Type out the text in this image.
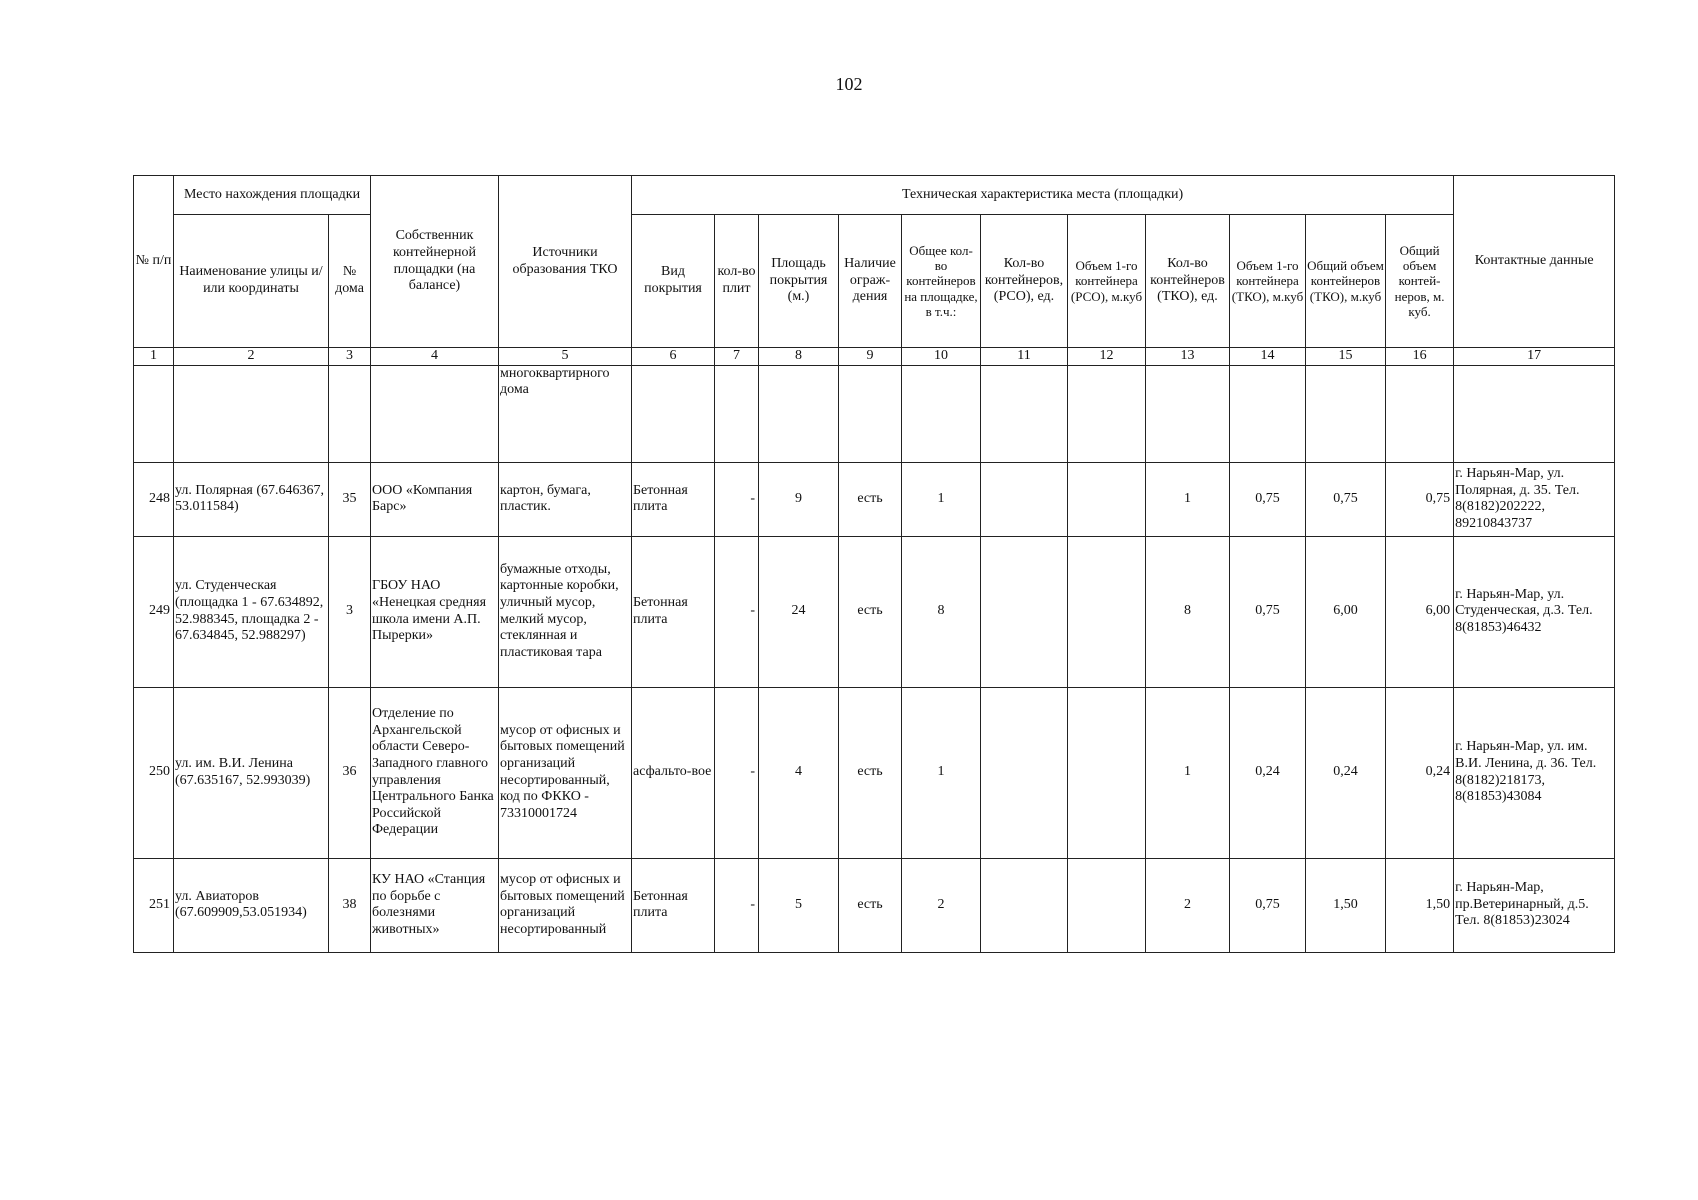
102
№ п/п	Место нахождения площадки		Собственник контейнерной площадки (на балансе)	Источники образования ТКО	Техническая характеристика места (площадки)											Контактные данные
	Наименование улицы и/или координаты	№ дома			Вид покрытия	кол-во плит	Площадь покрытия (м.)	Наличие ограж-дения	Общее кол-во контейнеров на площадке, в т.ч.:	Кол-во контейнеров, (РСО), ед.	Объем 1-го контейнера (РСО), м.куб	Кол-во контейнеров (ТКО), ед.	Объем 1-го контейнера (ТКО), м.куб	Общий объем контейнеров (ТКО), м.куб	Общий объем контей-неров, м. куб.	
1	2	3	4	5	6	7	8	9	10	11	12	13	14	15	16	17
				многоквартирного дома												
248	ул. Полярная (67.646367, 53.011584)	35	ООО «Компания Барс»	картон, бумага, пластик.	Бетонная плита	-	9	есть	1			1	0,75	0,75	0,75	г. Нарьян-Мар, ул. Полярная, д. 35. Тел. 8(8182)202222, 89210843737
249	ул. Студенческая (площадка 1 - 67.634892, 52.988345, площадка 2 - 67.634845, 52.988297)	3	ГБОУ НАО «Ненецкая средняя школа имени А.П. Пырерки»	бумажные отходы, картонные коробки, уличный мусор, мелкий мусор, стеклянная и пластиковая тара	Бетонная плита	-	24	есть	8			8	0,75	6,00	6,00	г. Нарьян-Мар, ул. Студенческая, д.3. Тел. 8(81853)46432
250	ул. им. В.И. Ленина (67.635167, 52.993039)	36	Отделение по Архангельской области Северо-Западного главного управления Центрального Банка Российской Федерации	мусор от офисных и бытовых помещений организаций несортированный, код по ФККО - 73310001724	асфальто-вое	-	4	есть	1			1	0,24	0,24	0,24	г. Нарьян-Мар, ул. им. В.И. Ленина, д. 36. Тел. 8(8182)218173, 8(81853)43084
251	ул. Авиаторов (67.609909,53.051934)	38	КУ НАО «Станция по борьбе с болезнями животных»	мусор от офисных и бытовых помещений организаций несортированный	Бетонная плита	-	5	есть	2			2	0,75	1,50	1,50	г. Нарьян-Мар, пр.Ветеринарный, д.5. Тел. 8(81853)23024
